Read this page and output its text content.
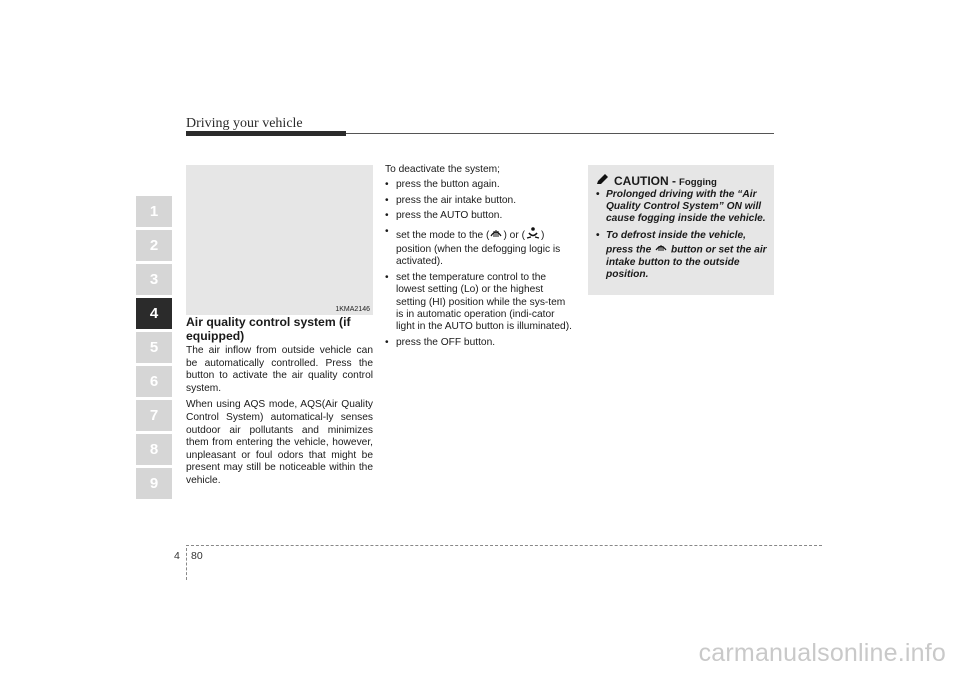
Driving your vehicle
1
2
3
4
5
6
7
8
9
1KMA2146
Air quality control system (if equipped)

The air inflow from outside vehicle can be automatically controlled. Press the button to activate the air quality control system.

When using AQS mode, AQS(Air Quality Control System) automatical-ly senses outdoor air pollutants and minimizes them from entering the vehicle, however, unpleasant or foul odors that might be present may still be noticeable within the vehicle.

To deactivate the system;

• press the button again.
• press the air intake button.
• press the AUTO button.
• set the mode to the ( ) or ( ) position (when the defogging logic is activated).
• set the temperature control to the lowest setting (Lo) or the highest setting (HI) position while the sys-tem is in automatic operation (indi-cator light in the AUTO button is illuminated).
• press the OFF button.
CAUTION - Fogging
• Prolonged driving with the “Air Quality Control System” ON will cause fogging inside the vehicle.
• To defrost inside the vehicle, press the button or set the air intake button to the outside position.
4 80
carmanualsonline.info
